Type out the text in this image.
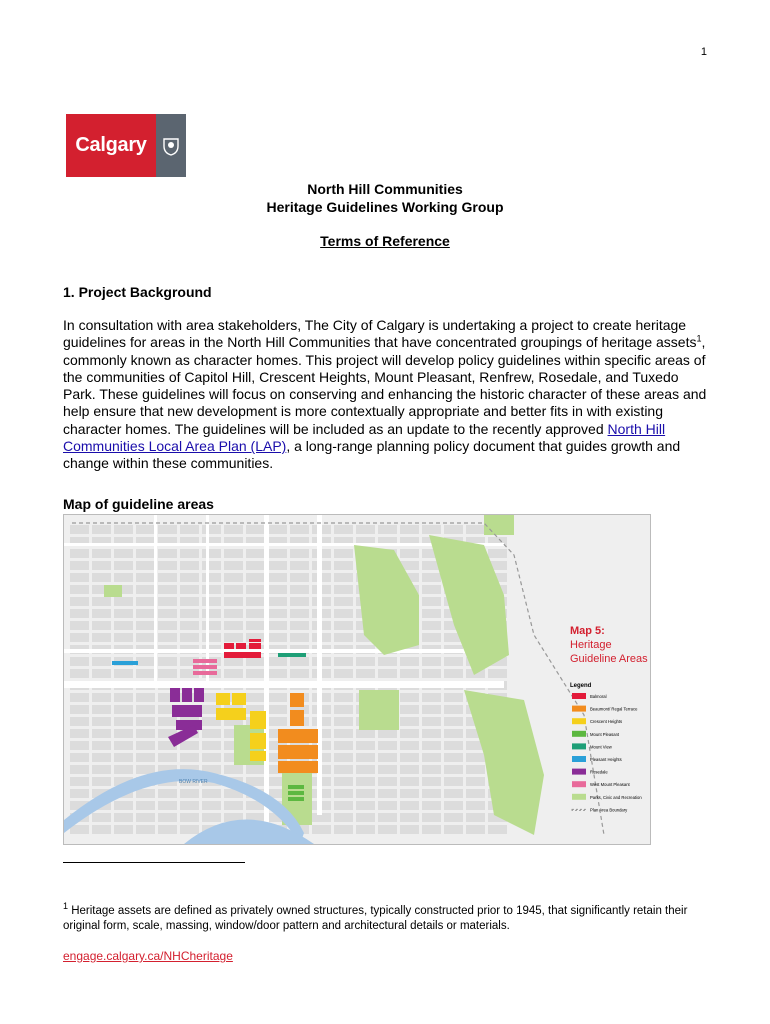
1
Calgary
North Hill Communities
Heritage Guidelines Working Group
Terms of Reference
1. Project Background
In consultation with area stakeholders, The City of Calgary is undertaking a project to create heritage guidelines for areas in the North Hill Communities that have concentrated groupings of heritage assets$^1$, commonly known as character homes. This project will develop policy guidelines within specific areas of the communities of Capitol Hill, Crescent Heights, Mount Pleasant, Renfrew, Rosedale, and Tuxedo Park. These guidelines will focus on conserving and enhancing the historic character of these areas and help ensure that new development is more contextually appropriate and better fits in with existing character homes. The guidelines will be included as an update to the recently approved North Hill Communities Local Area Plan (LAP), a long-range planning policy document that guides growth and change within these communities.
Map of guideline areas
BOW RIVER
Map 5:
Heritage
Guideline Areas
Legend
Balmoral
Beaumont/ Regal Terrace
Crescent Heights
Mount Pleasant
Mount View
Pleasant Heights
Rosedale
West Mount Pleasant
Parks, Civic and Recreation
Plan Area Boundary
$^1$ Heritage assets are defined as privately owned structures, typically constructed prior to 1945, that significantly retain their original form, scale, massing, window/door pattern and architectural details or materials.
engage.calgary.ca/NHCheritage
